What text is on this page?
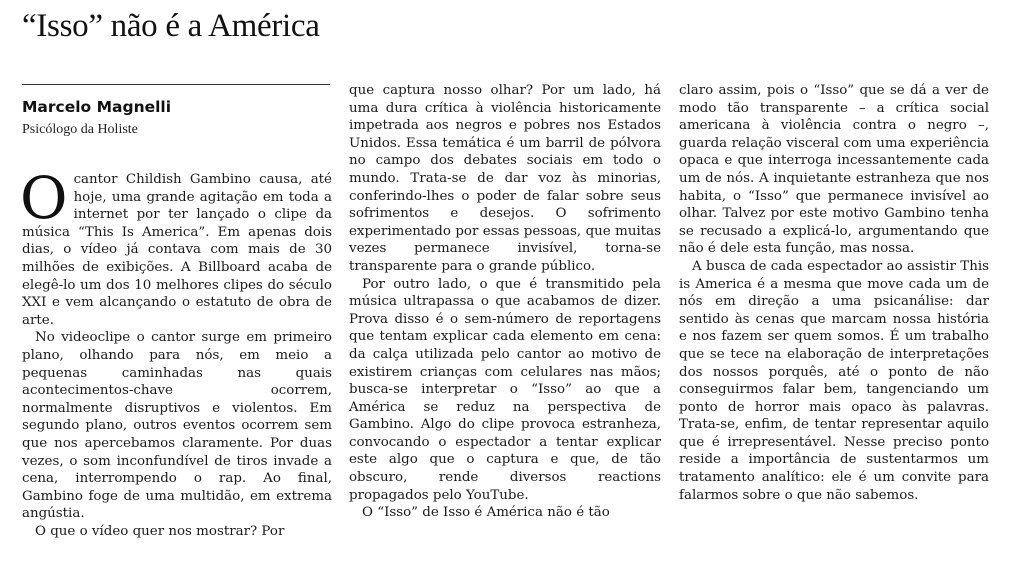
“Isso” não é a América

Marcelo Magnelli

Psicólogo da Holiste

Ocantor Childish Gambino causa, até hoje, uma grande agitação em toda a internet por ter lançado o clipe da música “This Is America”. Em apenas dois dias, o vídeo já contava com mais de 30 milhões de exibições. A Billboard acaba de elegê-lo um dos 10 melhores clipes do século XXI e vem alcançando o estatuto de obra de arte.

No videoclipe o cantor surge em primeiro plano, olhando para nós, em meio a pequenas caminhadas nas quais acontecimentos-chave ocorrem, normalmente disruptivos e violentos. Em segundo plano, outros eventos ocorrem sem que nos apercebamos claramente. Por duas vezes, o som inconfundível de tiros invade a cena, interrompendo o rap. Ao final, Gambino foge de uma multidão, em extrema angústia.

O que o vídeo quer nos mostrar? Por

que captura nosso olhar? Por um lado, há uma dura crítica à violência historicamente impetrada aos negros e pobres nos Estados Unidos. Essa temática é um barril de pólvora no campo dos debates sociais em todo o mundo. Trata-se de dar voz às minorias, conferindo-lhes o poder de falar sobre seus sofrimentos e desejos. O sofrimento experimentado por essas pessoas, que muitas vezes permanece invisível, torna-se transparente para o grande público.

Por outro lado, o que é transmitido pela música ultrapassa o que acabamos de dizer. Prova disso é o sem-número de reportagens que tentam explicar cada elemento em cena: da calça utilizada pelo cantor ao motivo de existirem crianças com celulares nas mãos; busca-se interpretar o “Isso” ao que a América se reduz na perspectiva de Gambino. Algo do clipe provoca estranheza, convocando o espectador a tentar explicar este algo que o captura e que, de tão obscuro, rende diversos reactions propagados pelo YouTube.

O “Isso” de Isso é América não é tão

claro assim, pois o “Isso” que se dá a ver de modo tão transparente – a crítica social americana à violência contra o negro –, guarda relação visceral com uma experiência opaca e que interroga incessantemente cada um de nós. A inquietante estranheza que nos habita, o “Isso” que permanece invisível ao olhar. Talvez por este motivo Gambino tenha se recusado a explicá-lo, argumentando que não é dele esta função, mas nossa.

A busca de cada espectador ao assistir This is America é a mesma que move cada um de nós em direção a uma psicanálise: dar sentido às cenas que marcam nossa história e nos fazem ser quem somos. É um trabalho que se tece na elaboração de interpretações dos nossos porquês, até o ponto de não conseguirmos falar bem, tangenciando um ponto de horror mais opaco às palavras. Trata-se, enfim, de tentar representar aquilo que é irrepresentável. Nesse preciso ponto reside a importância de sustentarmos um tratamento analítico: ele é um convite para falarmos sobre o que não sabemos.
